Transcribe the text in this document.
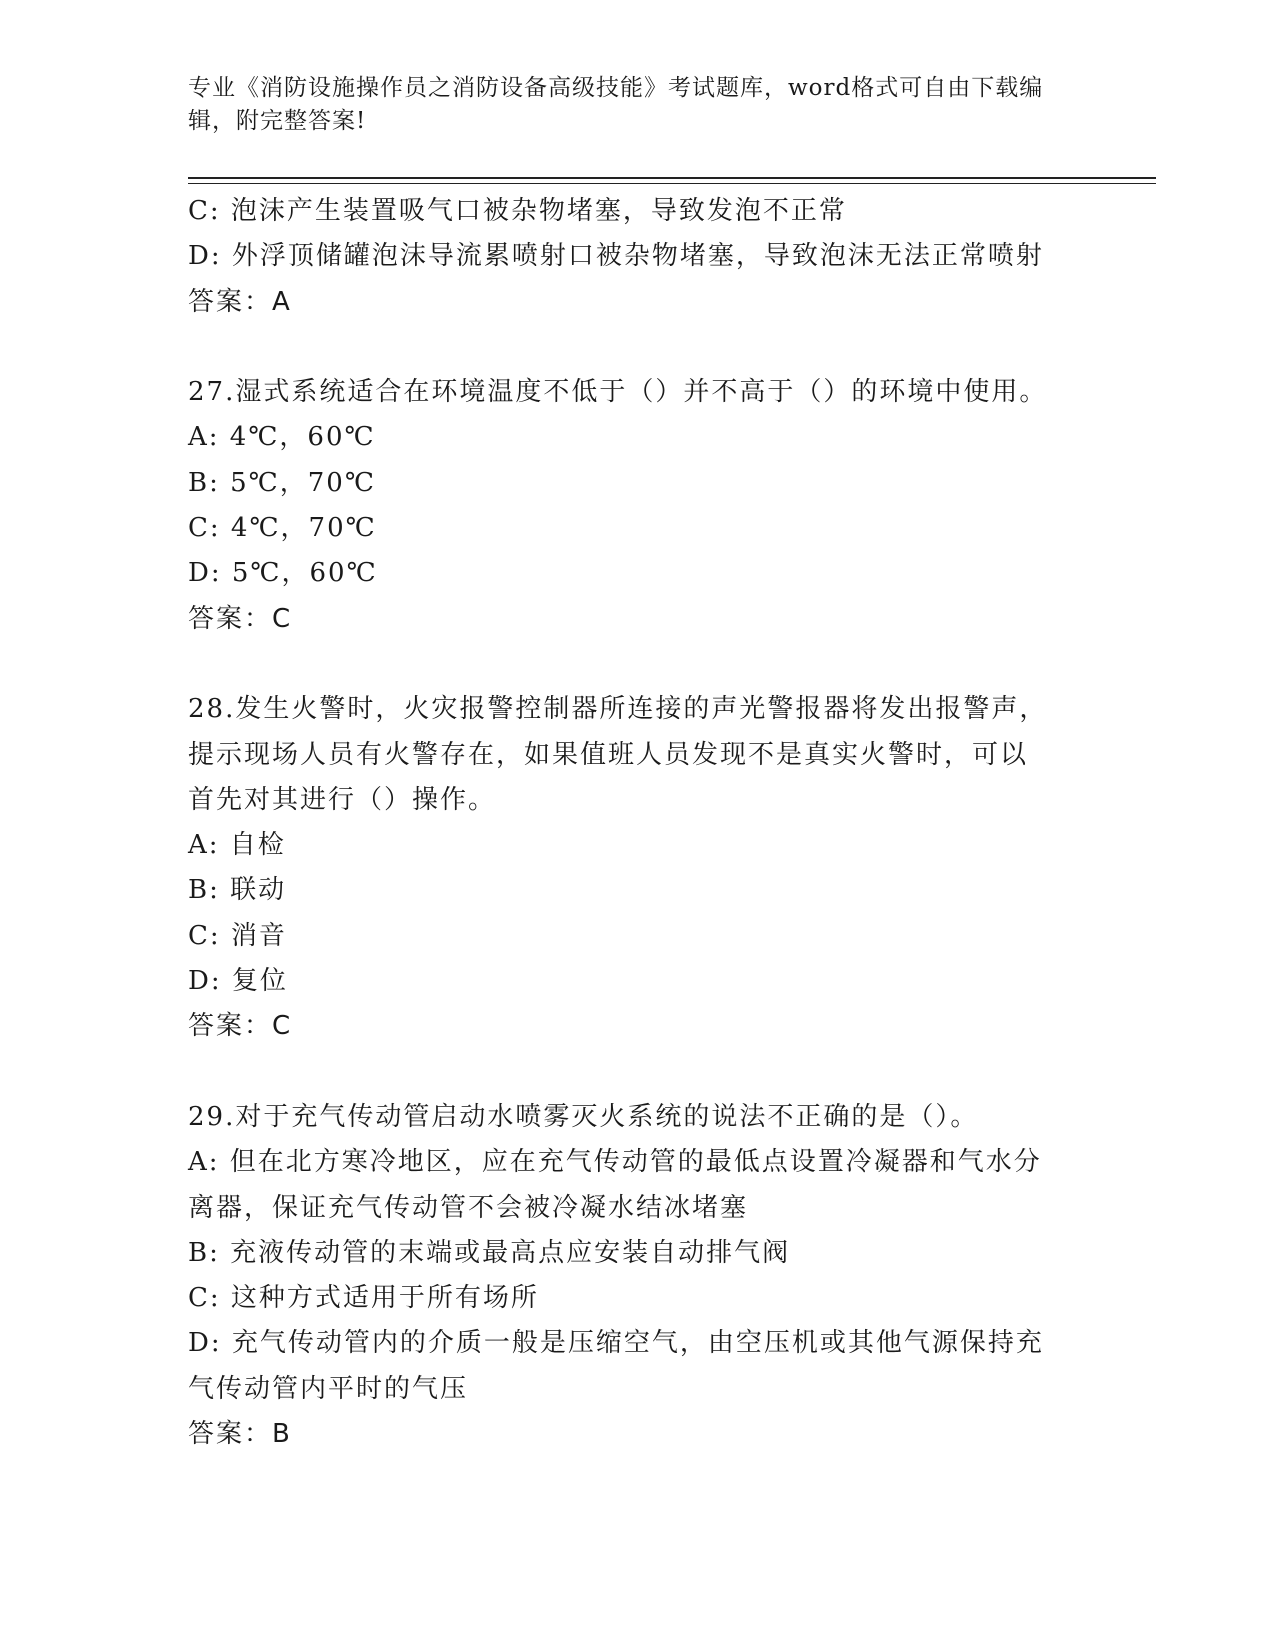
专业《消防设施操作员之消防设备高级技能》考试题库，word格式可自由下载编
辑，附完整答案!
C: 泡沫产生装置吸气口被杂物堵塞，导致发泡不正常
D: 外浮顶储罐泡沫导流累喷射口被杂物堵塞，导致泡沫无法正常喷射
答案：A
27.湿式系统适合在环境温度不低于（）并不高于（）的环境中使用。
A: 4℃，60℃
B: 5℃，70℃
C: 4℃，70℃
D: 5℃，60℃
答案：C
28.发生火警时，火灾报警控制器所连接的声光警报器将发出报警声，
提示现场人员有火警存在，如果值班人员发现不是真实火警时，可以
首先对其进行（）操作。
A: 自检
B: 联动
C: 消音
D: 复位
答案：C
29.对于充气传动管启动水喷雾灭火系统的说法不正确的是（）。
A: 但在北方寒冷地区，应在充气传动管的最低点设置冷凝器和气水分
离器，保证充气传动管不会被冷凝水结冰堵塞
B: 充液传动管的末端或最高点应安装自动排气阀
C: 这种方式适用于所有场所
D: 充气传动管内的介质一般是压缩空气，由空压机或其他气源保持充
气传动管内平时的气压
答案：B
